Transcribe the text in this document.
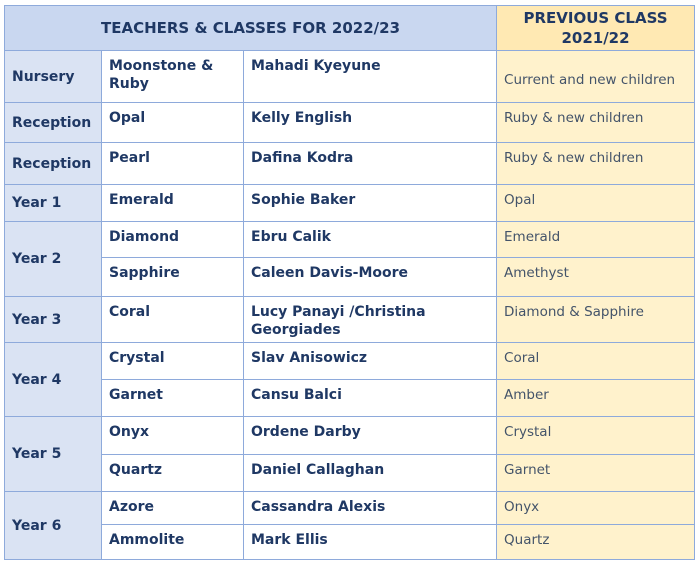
TEACHERS & CLASSES FOR 2022/23			PREVIOUS CLASS
2021/22

Nursery	Moonstone & Ruby	Mahadi Kyeyune	Current and new children
Reception	Opal	Kelly English	Ruby & new children
Reception	Pearl	Dafina Kodra	Ruby & new children
Year 1	Emerald	Sophie Baker	Opal
Year 2	Diamond	Ebru Calik	Emerald
	Sapphire	Caleen Davis-Moore	Amethyst
Year 3	Coral	Lucy Panayi /Christina Georgiades	Diamond & Sapphire
Year 4	Crystal	Slav Anisowicz	Coral
	Garnet	Cansu Balci	Amber
Year 5	Onyx	Ordene Darby	Crystal
	Quartz	Daniel Callaghan	Garnet
Year 6	Azore	Cassandra Alexis	Onyx
	Ammolite	Mark Ellis	Quartz
